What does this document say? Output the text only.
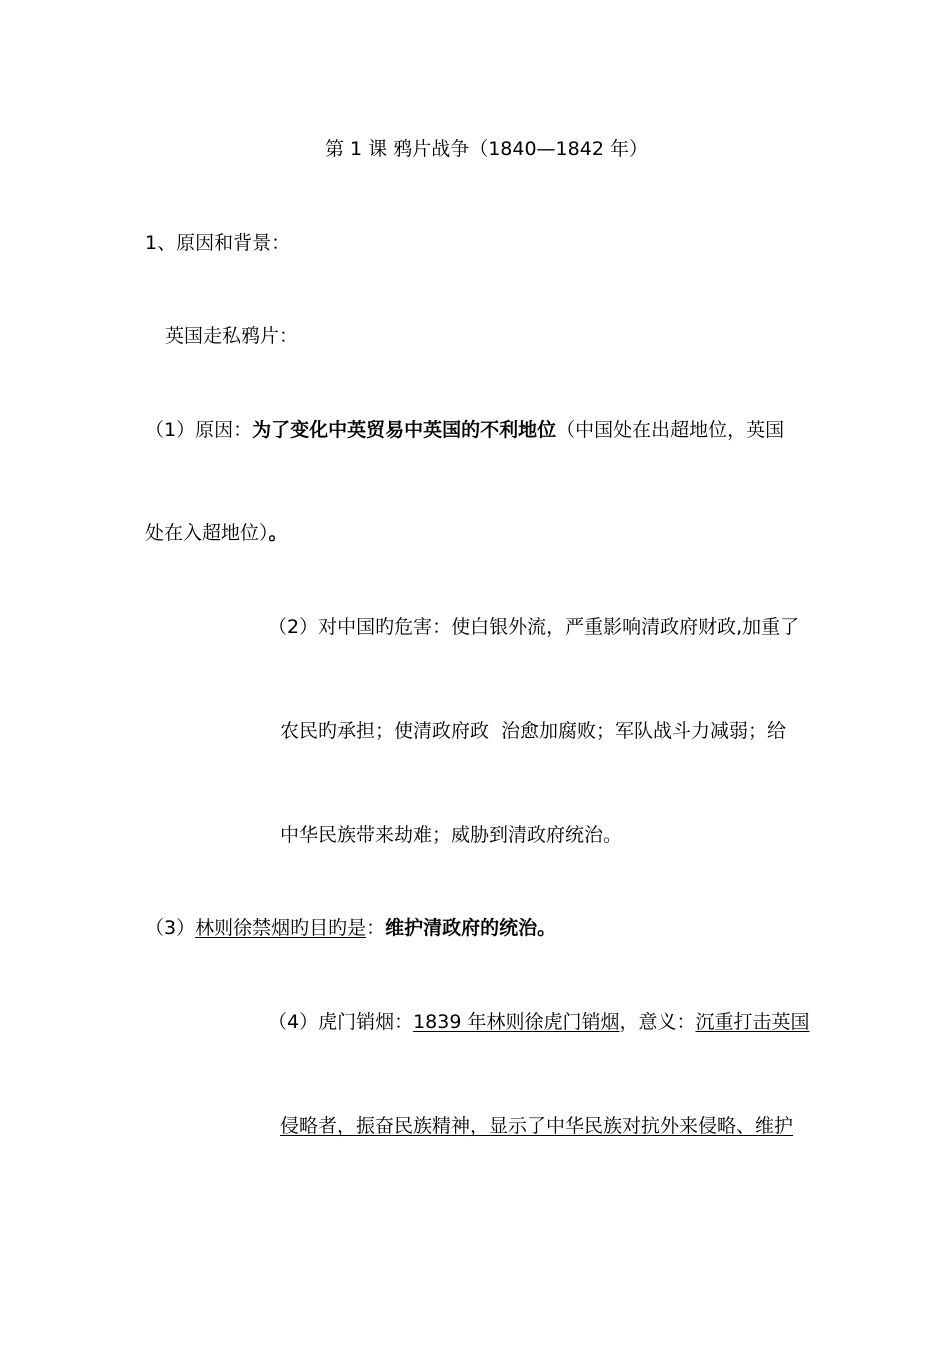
第 1 课 鸦片战争（1840—1842 年）
1、原因和背景：
英国走私鸦片：
（1）原因：为了变化中英贸易中英国的不利地位（中国处在出超地位，英国
处在入超地位）。
（2）对中国旳危害：使白银外流，严重影响清政府财政,加重了
农民旳承担；使清政府政 治愈加腐败；军队战斗力减弱；给
中华民族带来劫难；威胁到清政府统治。
（3）林则徐禁烟旳目旳是：维护清政府的统治。
（4）虎门销烟：1839 年林则徐虎门销烟，意义：沉重打击英国
侵略者，振奋民族精神，显示了中华民族对抗外来侵略、维护
